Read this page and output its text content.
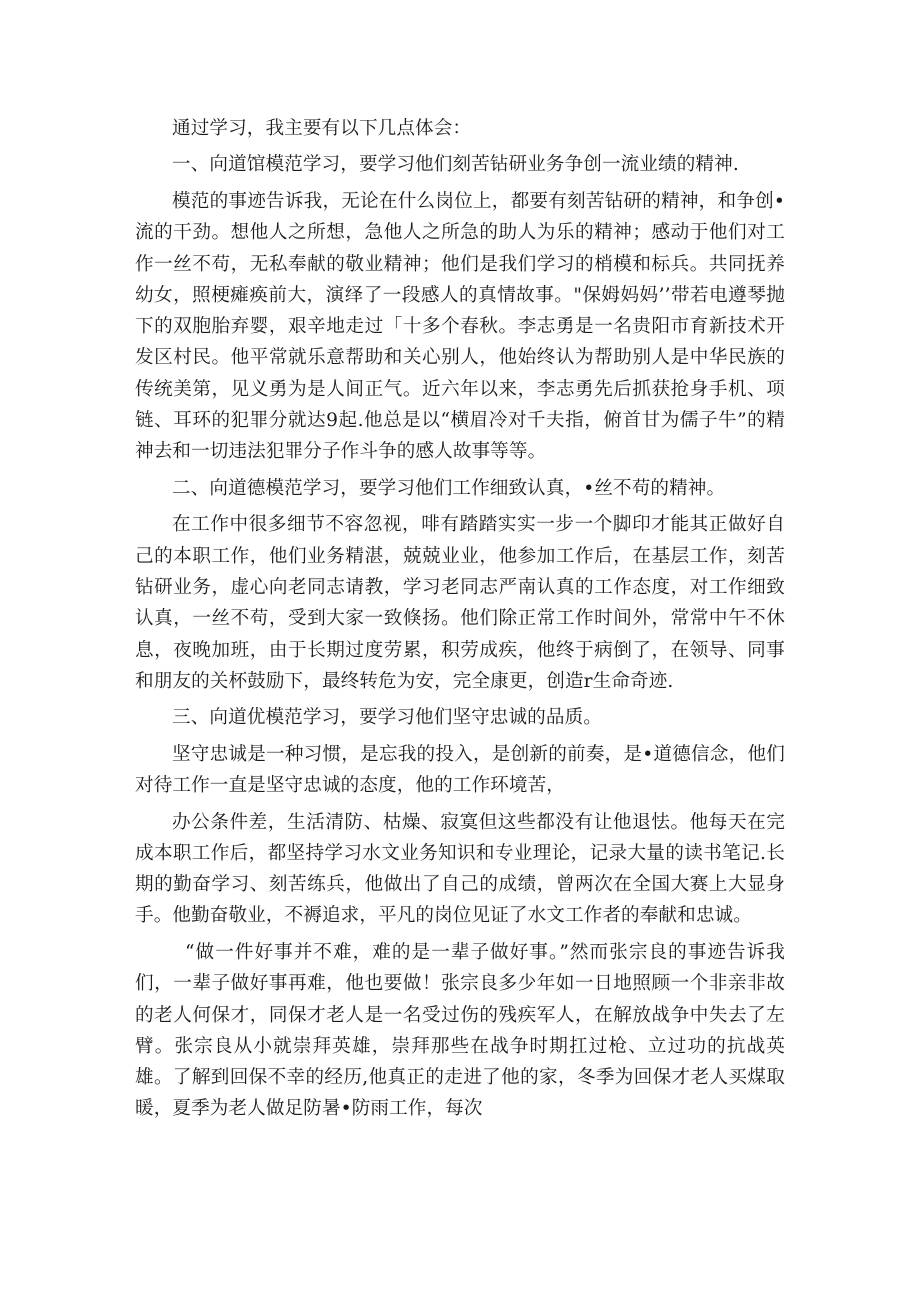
通过学习，我主要有以下几点体会：

一、向道馆模范学习，要学习他们刻苦钻研业务争创一流业绩的精神.

模范的事迹告诉我，无论在什么岗位上，都要有刻苦钻研的精神，和争创•流的干劲。想他人之所想，急他人之所急的助人为乐的精神；感动于他们对工作一丝不苟，无私奉献的敬业精神；他们是我们学习的梢模和标兵。共同抚养幼女，照梗瘫痪前大，演绎了一段感人的真情故事。"保姆妈妈’’带若电遵琴抛下的双胞胎弃婴，艰辛地走过「十多个春秋。李志勇是一名贵阳市育新技术开发区村民。他平常就乐意帮助和关心别人，他始终认为帮助别人是中华民族的传统美第，见义勇为是人间正气。近六年以来，李志勇先后抓获抢身手机、项链、耳环的犯罪分就达9起.他总是以“横眉冷对千夫指，俯首甘为儒子牛”的精神去和一切违法犯罪分子作斗争的感人故事等等。

二、向道德模范学习，要学习他们工作细致认真，•丝不苟的精神。

在工作中很多细节不容忽视，啡有踏踏实实一步一个脚印才能其正做好自己的本职工作，他们业务精湛，兢兢业业，他参加工作后，在基层工作，刻苦钻研业务，虚心向老同志请教，学习老同志严南认真的工作态度，对工作细致认真，一丝不苟，受到大家一致倏扬。他们除正常工作时间外，常常中午不休息，夜晚加班，由于长期过度劳累，积劳成疾，他终于病倒了，在领导、同事和朋友的关杯鼓励下，最终转危为安，完全康更，创造r生命奇迹.

三、向道优模范学习，要学习他们坚守忠诚的品质。

坚守忠诚是一种习惯，是忘我的投入，是创新的前奏，是•道德信念，他们对待工作一直是坚守忠诚的态度，他的工作环境苦，

办公条件差，生活清防、枯燥、寂寞但这些都没有让他退怯。他每天在完成本职工作后，都坚持学习水文业务知识和专业理论，记录大量的读书笔记.长期的勤奋学习、刻苦练兵，他做出了自己的成绩，曾两次在全国大赛上大显身手。他勤奋敬业，不褥追求，平凡的岗位见证了水文工作者的奉献和忠诚。

“做一件好事并不难，难的是一辈子做好事。”然而张宗良的事迹告诉我们，一辈子做好事再难，他也要做！张宗良多少年如一日地照顾一个非亲非故的老人何保才，同保才老人是一名受过伤的残疾军人，在解放战争中失去了左臂。张宗良从小就崇拜英雄，崇拜那些在战争时期扛过枪、立过功的抗战英雄。了解到回保不幸的经历,他真正的走进了他的家，冬季为回保才老人买煤取暖，夏季为老人做足防暑•防雨工作，每次
